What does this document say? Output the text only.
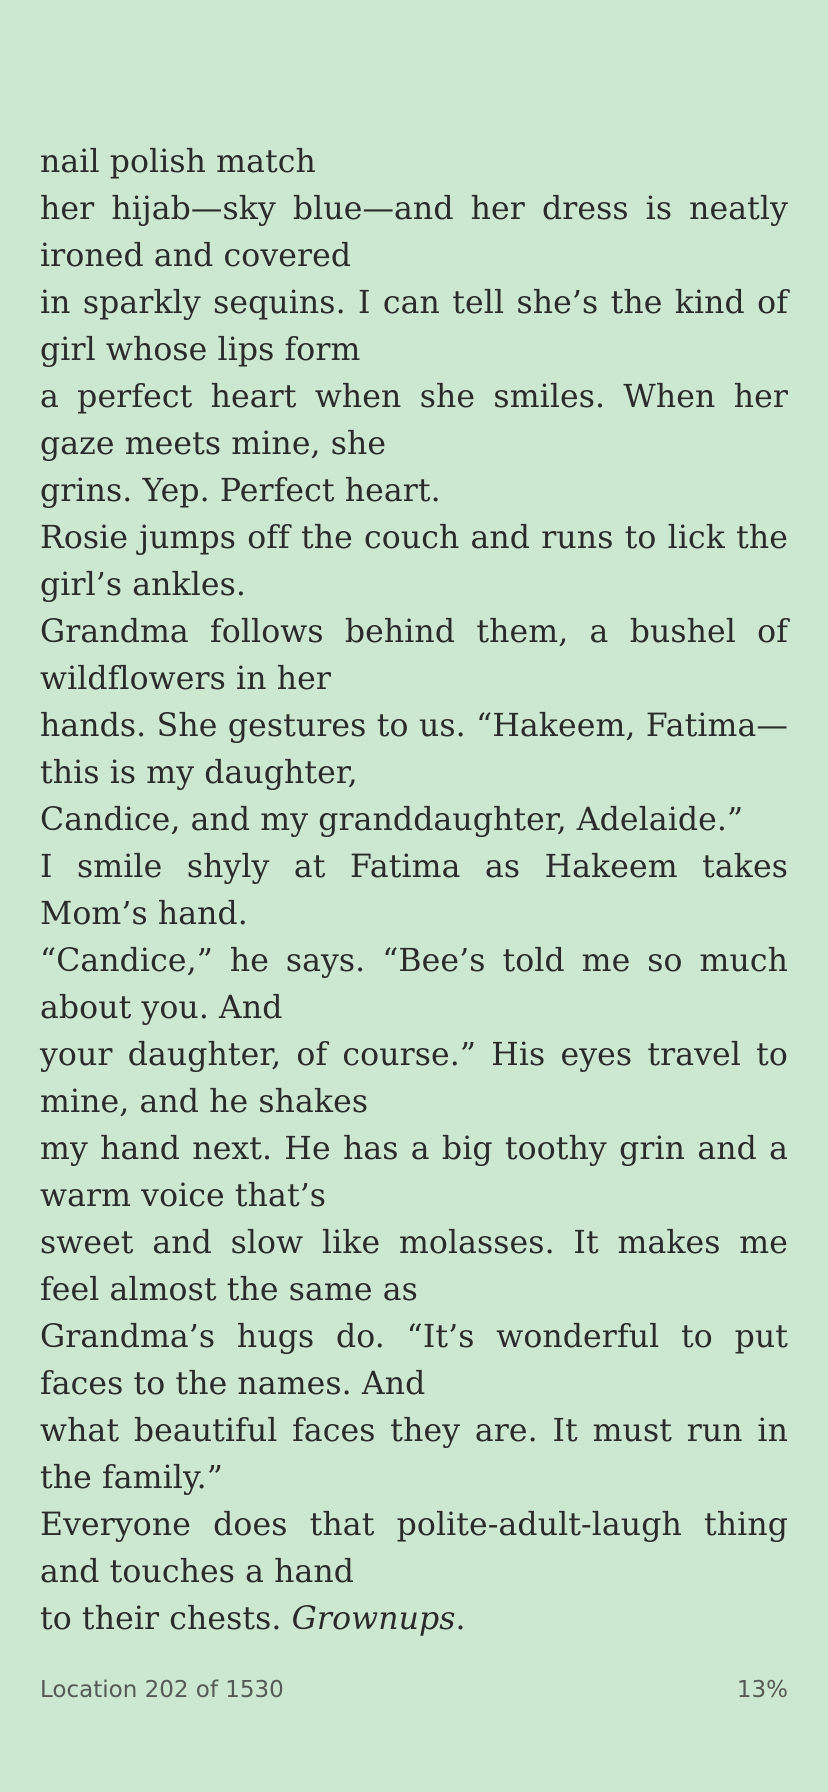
nail polish match

her hijab—sky blue—and her dress is neatly ironed and covered

in sparkly sequins. I can tell she’s the kind of girl whose lips form

a perfect heart when she smiles. When her gaze meets mine, she

grins. Yep. Perfect heart.

Rosie jumps off the couch and runs to lick the girl’s ankles.

Grandma follows behind them, a bushel of wildflowers in her

hands. She gestures to us. “Hakeem, Fatima—this is my daughter,

Candice, and my granddaughter, Adelaide.”

I smile shyly at Fatima as Hakeem takes Mom’s hand.

“Candice,” he says. “Bee’s told me so much about you. And

your daughter, of course.” His eyes travel to mine, and he shakes

my hand next. He has a big toothy grin and a warm voice that’s

sweet and slow like molasses. It makes me feel almost the same as

Grandma’s hugs do. “It’s wonderful to put faces to the names. And

what beautiful faces they are. It must run in the family.”

Everyone does that polite-adult-laugh thing and touches a hand

to their chests. Grownups.

Location 202 of 1530	13%
